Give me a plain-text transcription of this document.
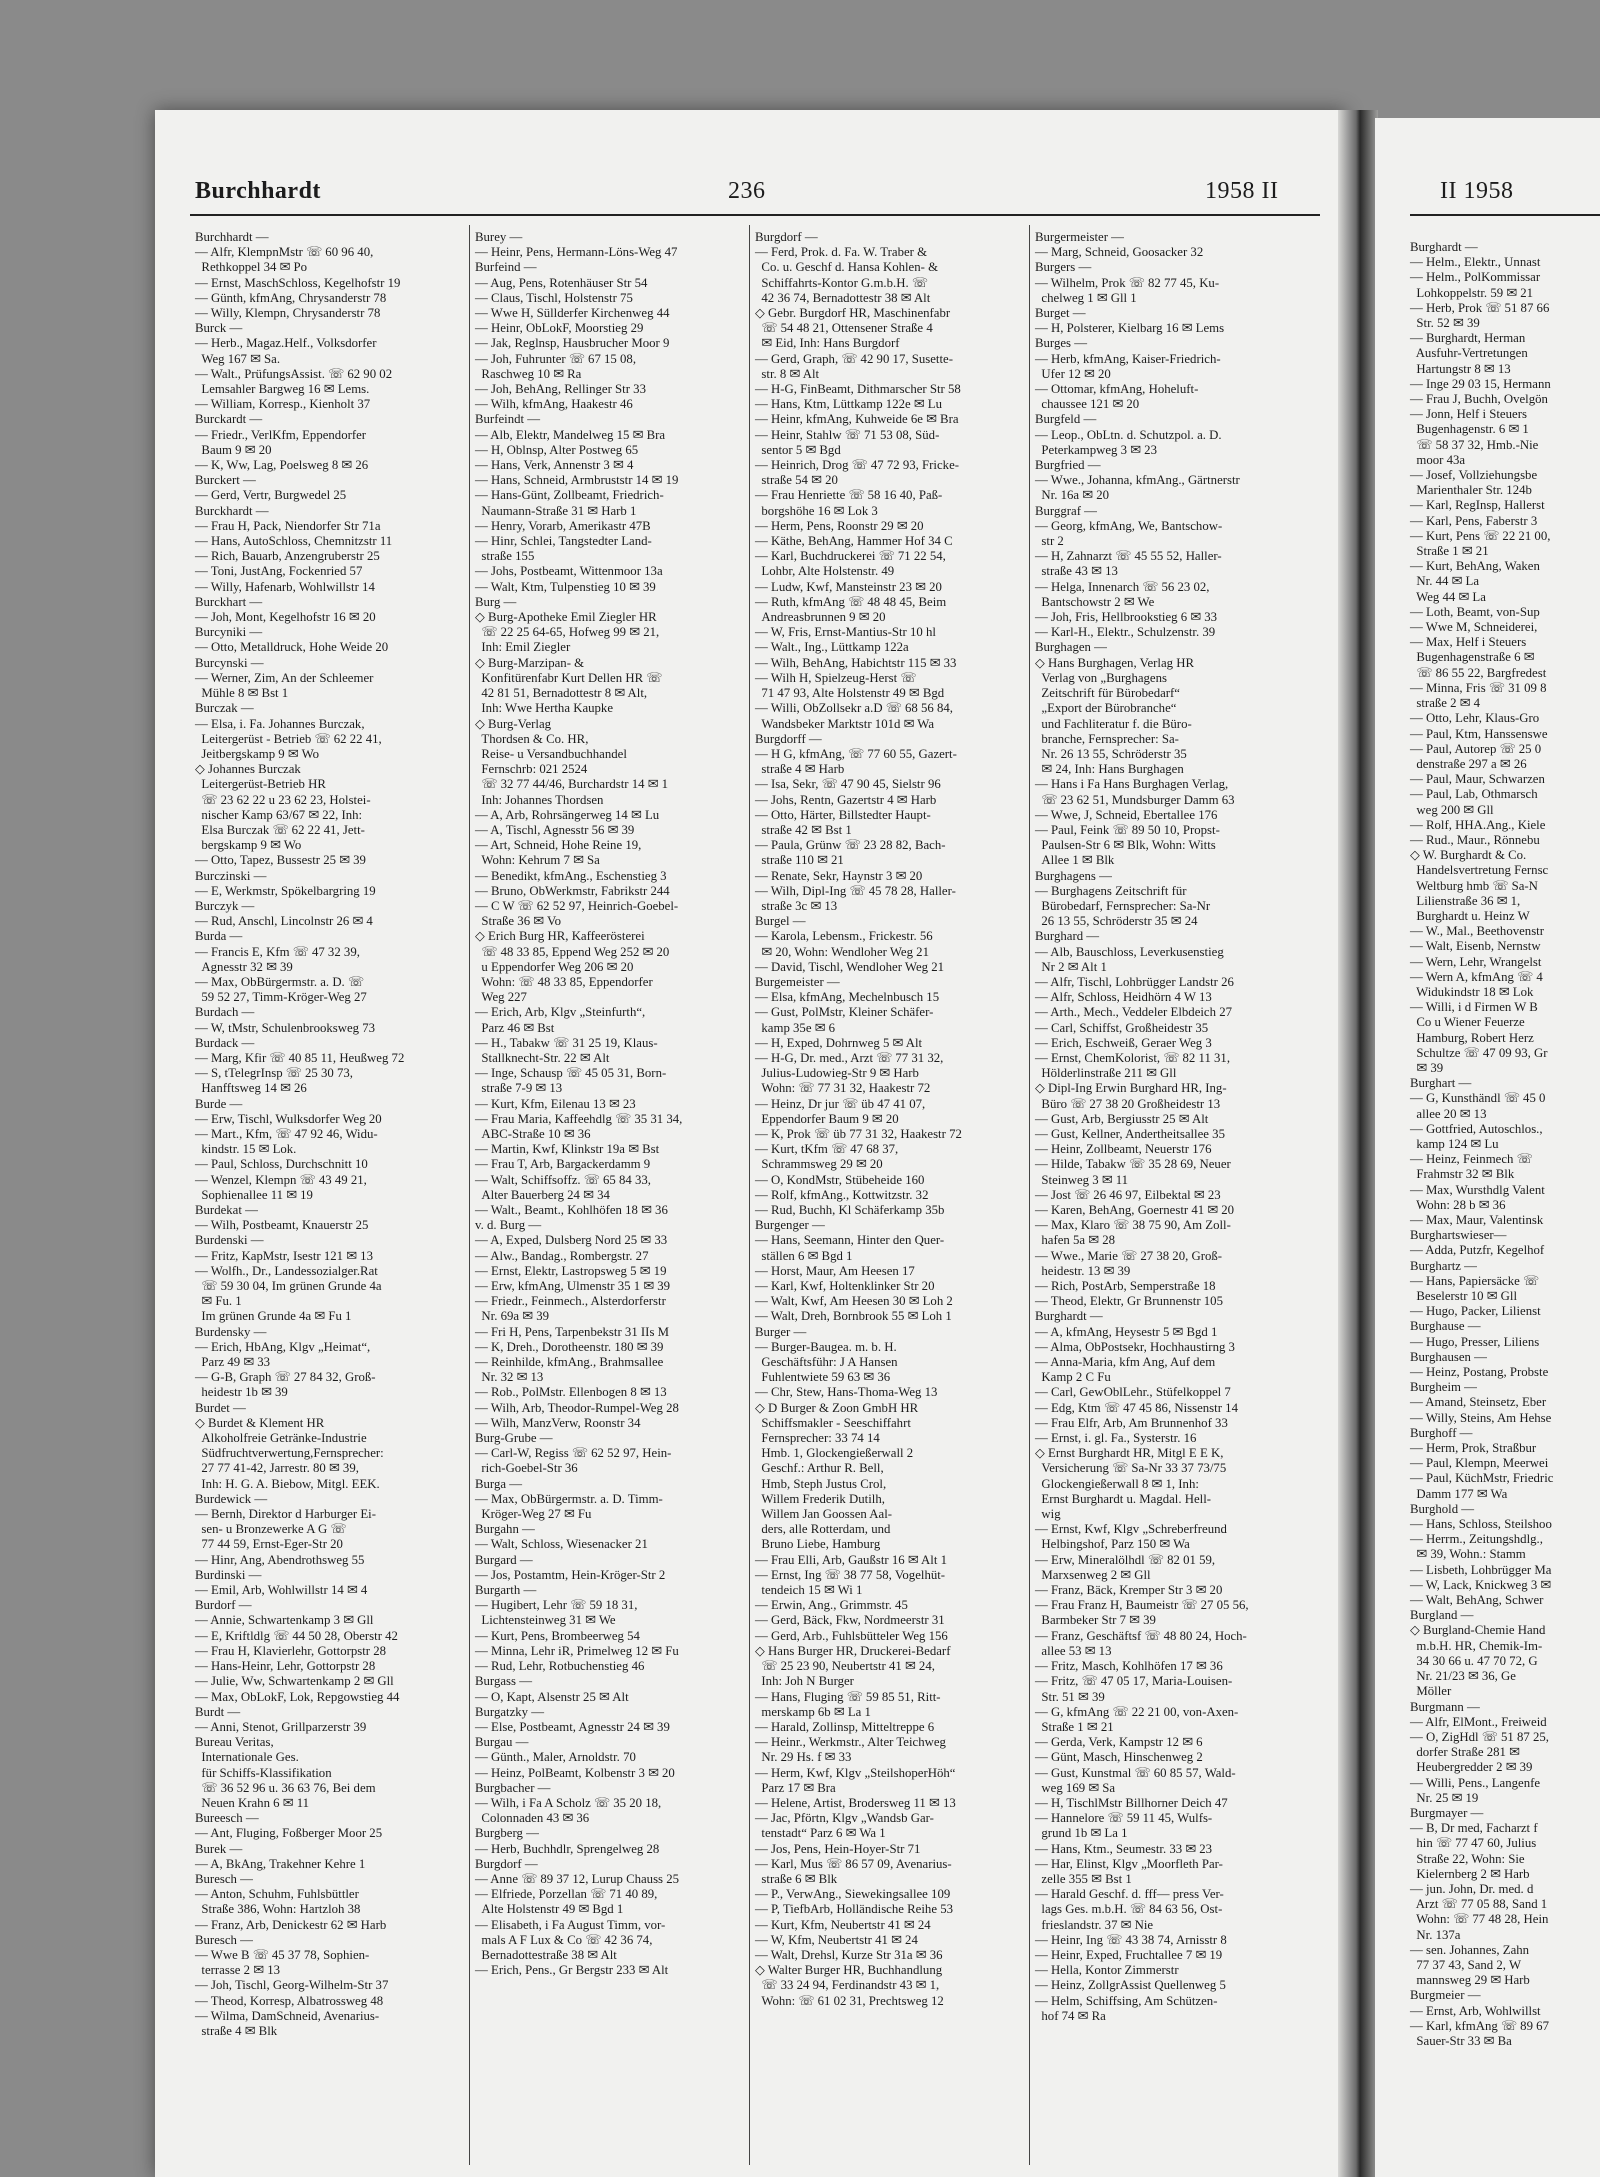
Burchhardt	236	1958 II	II 1958
Burchhardt —
— Alfr, KlempnMstr ☏ 60 96 40,
Rethkoppel 34 ✉ Po
— Ernst, MaschSchloss, Kegelhofstr 19
— Günth, kfmAng, Chrysanderstr 78
— Willy, Klempn, Chrysanderstr 78
Burck —
— Herb., Magaz.Helf., Volksdorfer
Weg 167 ✉ Sa.
— Walt., PrüfungsAssist. ☏ 62 90 02
Lemsahler Bargweg 16 ✉ Lems.
— William, Korresp., Kienholt 37
Burckardt —
— Friedr., VerlKfm, Eppendorfer
Baum 9 ✉ 20
— K, Ww, Lag, Poelsweg 8 ✉ 26
Burckert —
— Gerd, Vertr, Burgwedel 25
Burckhardt —
— Frau H, Pack, Niendorfer Str 71a
— Hans, AutoSchloss, Chemnitzstr 11
— Rich, Bauarb, Anzengruberstr 25
— Toni, JustAng, Fockenried 57
— Willy, Hafenarb, Wohlwillstr 14
Burckhart —
— Joh, Mont, Kegelhofstr 16 ✉ 20
Burcyniki —
— Otto, Metalldruck, Hohe Weide 20
Burcynski —
— Werner, Zim, An der Schleemer
Mühle 8 ✉ Bst 1
Burczak —
— Elsa, i. Fa. Johannes Burczak,
Leitergerüst - Betrieb ☏ 62 22 41,
Jeitbergskamp 9 ✉ Wo
◇ Johannes Burczak
Leitergerüst-Betrieb HR
☏ 23 62 22 u 23 62 23, Holstei-
nischer Kamp 63/67 ✉ 22, Inh:
Elsa Burczak ☏ 62 22 41, Jett-
bergskamp 9 ✉ Wo
— Otto, Tapez, Bussestr 25 ✉ 39
Burczinski —
— E, Werkmstr, Spökelbargring 19
Burczyk —
— Rud, Anschl, Lincolnstr 26 ✉ 4
Burda —
— Francis E, Kfm ☏ 47 32 39,
Agnesstr 32 ✉ 39
— Max, ObBürgermstr. a. D. ☏
59 52 27, Timm-Kröger-Weg 27
Burdach —
— W, tMstr, Schulenbrooksweg 73
Burdack —
— Marg, Kfir ☏ 40 85 11, Heußweg 72
— S, tTelegrInsp ☏ 25 30 73,
Hanfftsweg 14 ✉ 26
Burde —
— Erw, Tischl, Wulksdorfer Weg 20
— Mart., Kfm, ☏ 47 92 46, Widu-
kindstr. 15 ✉ Lok.
— Paul, Schloss, Durchschnitt 10
— Wenzel, Klempn ☏ 43 49 21,
Sophienallee 11 ✉ 19
Burdekat —
— Wilh, Postbeamt, Knauerstr 25
Burdenski —
— Fritz, KapMstr, Isestr 121 ✉ 13
— Wolfh., Dr., Landessozialger.Rat
☏ 59 30 04, Im grünen Grunde 4a
✉ Fu. 1
Im grünen Grunde 4a ✉ Fu 1
Burdensky —
— Erich, HbAng, Klgv „Heimat“,
Parz 49 ✉ 33
— G-B, Graph ☏ 27 84 32, Groß-
heidestr 1b ✉ 39
Burdet —
◇ Burdet & Klement HR
Alkoholfreie Getränke-Industrie
Südfruchtverwertung,Fernsprecher:
27 77 41-42, Jarrestr. 80 ✉ 39,
Inh: H. G. A. Biebow, Mitgl. EEK.
Burdewick —
— Bernh, Direktor d Harburger Ei-
sen- u Bronzewerke A G ☏
77 44 59, Ernst-Eger-Str 20
— Hinr, Ang, Abendrothsweg 55
Burdinski —
— Emil, Arb, Wohlwillstr 14 ✉ 4
Burdorf —
— Annie, Schwartenkamp 3 ✉ Gll
— E, Kriftldlg ☏ 44 50 28, Oberstr 42
— Frau H, Klavierlehr, Gottorpstr 28
— Hans-Heinr, Lehr, Gottorpstr 28
— Julie, Ww, Schwartenkamp 2 ✉ Gll
— Max, ObLokF, Lok, Repgowstieg 44
Burdt —
— Anni, Stenot, Grillparzerstr 39
Bureau Veritas,
Internationale Ges.
für Schiffs-Klassifikation
☏ 36 52 96 u. 36 63 76, Bei dem
Neuen Krahn 6 ✉ 11
Bureesch —
— Ant, Fluging, Foßberger Moor 25
Burek —
— A, BkAng, Trakehner Kehre 1
Buresch —
— Anton, Schuhm, Fuhlsbüttler
Straße 386, Wohn: Hartzloh 38
— Franz, Arb, Denickestr 62 ✉ Harb
Buresch —
— Wwe B ☏ 45 37 78, Sophien-
terrasse 2 ✉ 13
— Joh, Tischl, Georg-Wilhelm-Str 37
— Theod, Korresp, Albatrossweg 48
— Wilma, DamSchneid, Avenarius-
straße 4 ✉ Blk
Burey —
— Heinr, Pens, Hermann-Löns-Weg 47
Burfeind —
— Aug, Pens, Rotenhäuser Str 54
— Claus, Tischl, Holstenstr 75
— Wwe H, Süllderfer Kirchenweg 44
— Heinr, ObLokF, Moorstieg 29
— Jak, Reglnsp, Hausbrucher Moor 9
— Joh, Fuhrunter ☏ 67 15 08,
Raschweg 10 ✉ Ra
— Joh, BehAng, Rellinger Str 33
— Wilh, kfmAng, Haakestr 46
Burfeindt —
— Alb, Elektr, Mandelweg 15 ✉ Bra
— H, Oblnsp, Alter Postweg 65
— Hans, Verk, Annenstr 3 ✉ 4
— Hans, Schneid, Armbruststr 14 ✉ 19
— Hans-Günt, Zollbeamt, Friedrich-
Naumann-Straße 31 ✉ Harb 1
— Henry, Vorarb, Amerikastr 47B
— Hinr, Schlei, Tangstedter Land-
straße 155
— Johs, Postbeamt, Wittenmoor 13a
— Walt, Ktm, Tulpenstieg 10 ✉ 39
Burg —
◇ Burg-Apotheke Emil Ziegler HR
☏ 22 25 64-65, Hofweg 99 ✉ 21,
Inh: Emil Ziegler
◇ Burg-Marzipan- &
Konfitürenfabr Kurt Dellen HR ☏
42 81 51, Bernadottestr 8 ✉ Alt,
Inh: Wwe Hertha Kaupke
◇ Burg-Verlag
Thordsen & Co. HR,
Reise- u Versandbuchhandel
Fernschrb: 021 2524
☏ 32 77 44/46, Burchardstr 14 ✉ 1
Inh: Johannes Thordsen
— A, Arb, Rohrsängerweg 14 ✉ Lu
— A, Tischl, Agnesstr 56 ✉ 39
— Art, Schneid, Hohe Reine 19,
Wohn: Kehrum 7 ✉ Sa
— Benedikt, kfmAng., Eschenstieg 3
— Bruno, ObWerkmstr, Fabrikstr 244
— C W ☏ 62 52 97, Heinrich-Goebel-
Straße 36 ✉ Vo
◇ Erich Burg HR, Kaffeerösterei
☏ 48 33 85, Eppend Weg 252 ✉ 20
u Eppendorfer Weg 206 ✉ 20
Wohn: ☏ 48 33 85, Eppendorfer
Weg 227
— Erich, Arb, Klgv „Steinfurth“,
Parz 46 ✉ Bst
— H., Tabakw ☏ 31 25 19, Klaus-
Stallknecht-Str. 22 ✉ Alt
— Inge, Schausp ☏ 45 05 31, Born-
straße 7-9 ✉ 13
— Kurt, Kfm, Eilenau 13 ✉ 23
— Frau Maria, Kaffeehdlg ☏ 35 31 34,
ABC-Straße 10 ✉ 36
— Martin, Kwf, Klinkstr 19a ✉ Bst
— Frau T, Arb, Bargackerdamm 9
— Walt, Schiffsoffz. ☏ 65 84 33,
Alter Bauerberg 24 ✉ 34
— Walt., Beamt., Kohlhöfen 18 ✉ 36
v. d. Burg —
— A, Exped, Dulsberg Nord 25 ✉ 33
— Alw., Bandag., Rombergstr. 27
— Ernst, Elektr, Lastropsweg 5 ✉ 19
— Erw, kfmAng, Ulmenstr 35 1 ✉ 39
— Friedr., Feinmech., Alsterdorferstr
Nr. 69a ✉ 39
— Fri H, Pens, Tarpenbekstr 31 IIs M
— K, Dreh., Dorotheenstr. 180 ✉ 39
— Reinhilde, kfmAng., Brahmsallee
Nr. 32 ✉ 13
— Rob., PolMstr. Ellenbogen 8 ✉ 13
— Wilh, Arb, Theodor-Rumpel-Weg 28
— Wilh, ManzVerw, Roonstr 34
Burg-Grube —
— Carl-W, Regiss ☏ 62 52 97, Hein-
rich-Goebel-Str 36
Burga —
— Max, ObBürgermstr. a. D. Timm-
Kröger-Weg 27 ✉ Fu
Burgahn —
— Walt, Schloss, Wiesenacker 21
Burgard —
— Jos, Postamtm, Hein-Kröger-Str 2
Burgarth —
— Hugibert, Lehr ☏ 59 18 31,
Lichtensteinweg 31 ✉ We
— Kurt, Pens, Brombeerweg 54
— Minna, Lehr iR, Primelweg 12 ✉ Fu
— Rud, Lehr, Rotbuchenstieg 46
Burgass —
— O, Kapt, Alsenstr 25 ✉ Alt
Burgatzky —
— Else, Postbeamt, Agnesstr 24 ✉ 39
Burgau —
— Günth., Maler, Arnoldstr. 70
— Heinz, PolBeamt, Kolbenstr 3 ✉ 20
Burgbacher —
— Wilh, i Fa A Scholz ☏ 35 20 18,
Colonnaden 43 ✉ 36
Burgberg —
— Herb, Buchhdlr, Sprengelweg 28
Burgdorf —
— Anne ☏ 89 37 12, Lurup Chauss 25
— Elfriede, Porzellan ☏ 71 40 89,
Alte Holstenstr 49 ✉ Bgd 1
— Elisabeth, i Fa August Timm, vor-
mals A F Lux & Co ☏ 42 36 74,
Bernadottestraße 38 ✉ Alt
— Erich, Pens., Gr Bergstr 233 ✉ Alt
Burgdorf —
— Ferd, Prok. d. Fa. W. Traber &
Co. u. Geschf d. Hansa Kohlen- &
Schiffahrts-Kontor G.m.b.H. ☏
42 36 74, Bernadottestr 38 ✉ Alt
◇ Gebr. Burgdorf HR, Maschinenfabr
☏ 54 48 21, Ottensener Straße 4
✉ Eid, Inh: Hans Burgdorf
— Gerd, Graph, ☏ 42 90 17, Susette-
str. 8 ✉ Alt
— H-G, FinBeamt, Dithmarscher Str 58
— Hans, Ktm, Lüttkamp 122e ✉ Lu
— Heinr, kfmAng, Kuhweide 6e ✉ Bra
— Heinr, Stahlw ☏ 71 53 08, Süd-
sentor 5 ✉ Bgd
— Heinrich, Drog ☏ 47 72 93, Fricke-
straße 54 ✉ 20
— Frau Henriette ☏ 58 16 40, Paß-
borgshöhe 16 ✉ Lok 3
— Herm, Pens, Roonstr 29 ✉ 20
— Käthe, BehAng, Hammer Hof 34 C
— Karl, Buchdruckerei ☏ 71 22 54,
Lohbr, Alte Holstenstr. 49
— Ludw, Kwf, Mansteinstr 23 ✉ 20
— Ruth, kfmAng ☏ 48 48 45, Beim
Andreasbrunnen 9 ✉ 20
— W, Fris, Ernst-Mantius-Str 10 hl
— Walt., Ing., Lüttkamp 122a
— Wilh, BehAng, Habichtstr 115 ✉ 33
— Wilh H, Spielzeug-Herst ☏
71 47 93, Alte Holstenstr 49 ✉ Bgd
— Willi, ObZollsekr a.D ☏ 68 56 84,
Wandsbeker Marktstr 101d ✉ Wa
Burgdorff —
— H G, kfmAng, ☏ 77 60 55, Gazert-
straße 4 ✉ Harb
— Isa, Sekr, ☏ 47 90 45, Sielstr 96
— Johs, Rentn, Gazertstr 4 ✉ Harb
— Otto, Härter, Billstedter Haupt-
straße 42 ✉ Bst 1
— Paula, Grünw ☏ 23 28 82, Bach-
straße 110 ✉ 21
— Renate, Sekr, Haynstr 3 ✉ 20
— Wilh, Dipl-Ing ☏ 45 78 28, Haller-
straße 3c ✉ 13
Burgel —
— Karola, Lebensm., Frickestr. 56
✉ 20, Wohn: Wendloher Weg 21
— David, Tischl, Wendloher Weg 21
Burgemeister —
— Elsa, kfmAng, Mechelnbusch 15
— Gust, PolMstr, Kleiner Schäfer-
kamp 35e ✉ 6
— H, Exped, Dohrnweg 5 ✉ Alt
— H-G, Dr. med., Arzt ☏ 77 31 32,
Julius-Ludowieg-Str 9 ✉ Harb
Wohn: ☏ 77 31 32, Haakestr 72
— Heinz, Dr jur ☏ üb 47 41 07,
Eppendorfer Baum 9 ✉ 20
— K, Prok ☏ üb 77 31 32, Haakestr 72
— Kurt, tKfm ☏ 47 68 37,
Schrammsweg 29 ✉ 20
— O, KondMstr, Stübeheide 160
— Rolf, kfmAng., Kottwitzstr. 32
— Rud, Buchh, Kl Schäferkamp 35b
Burgenger —
— Hans, Seemann, Hinter den Quer-
ställen 6 ✉ Bgd 1
— Horst, Maur, Am Heesen 17
— Karl, Kwf, Holtenklinker Str 20
— Walt, Kwf, Am Heesen 30 ✉ Loh 2
— Walt, Dreh, Bornbrook 55 ✉ Loh 1
Burger —
— Burger-Baugea. m. b. H.
Geschäftsführ: J A Hansen
Fuhlentwiete 59 63 ✉ 36
— Chr, Stew, Hans-Thoma-Weg 13
◇ D Burger & Zoon GmbH HR
Schiffsmakler - Seeschiffahrt
Fernsprecher: 33 74 14
Hmb. 1, Glockengießerwall 2
Geschf.: Arthur R. Bell,
Hmb, Steph Justus Crol,
Willem Frederik Dutilh,
Willem Jan Goossen Aal-
ders, alle Rotterdam, und
Bruno Liebe, Hamburg
— Frau Elli, Arb, Gaußstr 16 ✉ Alt 1
— Ernst, Ing ☏ 38 77 58, Vogelhüt-
tendeich 15 ✉ Wi 1
— Erwin, Ang., Grimmstr. 45
— Gerd, Bäck, Fkw, Nordmeerstr 31
— Gerd, Arb., Fuhlsbütteler Weg 156
◇ Hans Burger HR, Druckerei-Bedarf
☏ 25 23 90, Neubertstr 41 ✉ 24,
Inh: Joh N Burger
— Hans, Fluging ☏ 59 85 51, Ritt-
merskamp 6b ✉ La 1
— Harald, Zollinsp, Mitteltreppe 6
— Heinr., Werkmstr., Alter Teichweg
Nr. 29 Hs. f ✉ 33
— Herm, Kwf, Klgv „SteilshoperHöh“
Parz 17 ✉ Bra
— Helene, Artist, Brodersweg 11 ✉ 13
— Jac, Pförtn, Klgv „Wandsb Gar-
tenstadt“ Parz 6 ✉ Wa 1
— Jos, Pens, Hein-Hoyer-Str 71
— Karl, Mus ☏ 86 57 09, Avenarius-
straße 6 ✉ Blk
— P., VerwAng., Siewekingsallee 109
— P, TiefbArb, Holländische Reihe 53
— Kurt, Kfm, Neubertstr 41 ✉ 24
— W, Kfm, Neubertstr 41 ✉ 24
— Walt, Drehsl, Kurze Str 31a ✉ 36
◇ Walter Burger HR, Buchhandlung
☏ 33 24 94, Ferdinandstr 43 ✉ 1,
Wohn: ☏ 61 02 31, Prechtsweg 12
Burgermeister —
— Marg, Schneid, Goosacker 32
Burgers —
— Wilhelm, Prok ☏ 82 77 45, Ku-
chelweg 1 ✉ Gll 1
Burget —
— H, Polsterer, Kielbarg 16 ✉ Lems
Burges —
— Herb, kfmAng, Kaiser-Friedrich-
Ufer 12 ✉ 20
— Ottomar, kfmAng, Hoheluft-
chaussee 121 ✉ 20
Burgfeld —
— Leop., ObLtn. d. Schutzpol. a. D.
Peterkampweg 3 ✉ 23
Burgfried —
— Wwe., Johanna, kfmAng., Gärtnerstr
Nr. 16a ✉ 20
Burggraf —
— Georg, kfmAng, We, Bantschow-
str 2
— H, Zahnarzt ☏ 45 55 52, Haller-
straße 43 ✉ 13
— Helga, Innenarch ☏ 56 23 02,
Bantschowstr 2 ✉ We
— Joh, Fris, Hellbrookstieg 6 ✉ 33
— Karl-H., Elektr., Schulzenstr. 39
Burghagen —
◇ Hans Burghagen, Verlag HR
Verlag von „Burghagens
Zeitschrift für Bürobedarf“
„Export der Bürobranche“
und Fachliteratur f. die Büro-
branche, Fernsprecher: Sa-
Nr. 26 13 55, Schröderstr 35
✉ 24, Inh: Hans Burghagen
— Hans i Fa Hans Burghagen Verlag,
☏ 23 62 51, Mundsburger Damm 63
— Wwe, J, Schneid, Ebertallee 176
— Paul, Feink ☏ 89 50 10, Propst-
Paulsen-Str 6 ✉ Blk, Wohn: Witts
Allee 1 ✉ Blk
Burghagens —
— Burghagens Zeitschrift für
Bürobedarf, Fernsprecher: Sa-Nr
26 13 55, Schröderstr 35 ✉ 24
Burghard —
— Alb, Bauschloss, Leverkusenstieg
Nr 2 ✉ Alt 1
— Alfr, Tischl, Lohbrügger Landstr 26
— Alfr, Schloss, Heidhörn 4 W 13
— Arth., Mech., Veddeler Elbdeich 27
— Carl, Schiffst, Großheidestr 35
— Erich, Eschweiß, Geraer Weg 3
— Ernst, ChemKolorist, ☏ 82 11 31,
Hölderlinstraße 211 ✉ Gll
◇ Dipl-Ing Erwin Burghard HR, Ing-
Büro ☏ 27 38 20 Großheidestr 13
— Gust, Arb, Bergiusstr 25 ✉ Alt
— Gust, Kellner, Andertheitsallee 35
— Heinr, Zollbeamt, Neuerstr 176
— Hilde, Tabakw ☏ 35 28 69, Neuer
Steinweg 3 ✉ 11
— Jost ☏ 26 46 97, Eilbektal ✉ 23
— Karen, BehAng, Goernestr 41 ✉ 20
— Max, Klaro ☏ 38 75 90, Am Zoll-
hafen 5a ✉ 28
— Wwe., Marie ☏ 27 38 20, Groß-
heidestr. 13 ✉ 39
— Rich, PostArb, Semperstraße 18
— Theod, Elektr, Gr Brunnenstr 105
Burghardt —
— A, kfmAng, Heysestr 5 ✉ Bgd 1
— Alma, ObPostsekr, Hochhaustirng 3
— Anna-Maria, kfm Ang, Auf dem
Kamp 2 C Fu
— Carl, GewOblLehr., Stüfelkoppel 7
— Edg, Ktm ☏ 47 45 86, Nissenstr 14
— Frau Elfr, Arb, Am Brunnenhof 33
— Ernst, i. gl. Fa., Systerstr. 16
◇ Ernst Burghardt HR, Mitgl E E K,
Versicherung ☏ Sa-Nr 33 37 73/75
Glockengießerwall 8 ✉ 1, Inh:
Ernst Burghardt u. Magdal. Hell-
wig
— Ernst, Kwf, Klgv „Schreberfreund
Helbingshof, Parz 150 ✉ Wa
— Erw, Mineralölhdl ☏ 82 01 59,
Marxsenweg 2 ✉ Gll
— Franz, Bäck, Kremper Str 3 ✉ 20
— Frau Franz H, Baumeistr ☏ 27 05 56,
Barmbeker Str 7 ✉ 39
— Franz, Geschäftsf ☏ 48 80 24, Hoch-
allee 53 ✉ 13
— Fritz, Masch, Kohlhöfen 17 ✉ 36
— Fritz, ☏ 47 05 17, Maria-Louisen-
Str. 51 ✉ 39
— G, kfmAng ☏ 22 21 00, von-Axen-
Straße 1 ✉ 21
— Gerda, Verk, Kampstr 12 ✉ 6
— Günt, Masch, Hinschenweg 2
— Gust, Kunstmal ☏ 60 85 57, Wald-
weg 169 ✉ Sa
— H, TischlMstr Billhorner Deich 47
— Hannelore ☏ 59 11 45, Wulfs-
grund 1b ✉ La 1
— Hans, Ktm., Seumestr. 33 ✉ 23
— Har, Elinst, Klgv „Moorfleth Par-
zelle 355 ✉ Bst 1
— Harald Geschf. d. fff— press Ver-
lags Ges. m.b.H. ☏ 84 63 56, Ost-
frieslandstr. 37 ✉ Nie
— Heinr, Ing ☏ 43 38 74, Arnisstr 8
— Heinr, Exped, Fruchtallee 7 ✉ 19
— Hella, Kontor Zimmerstr
— Heinz, ZollgrAssist Quellenweg 5
— Helm, Schiffsing, Am Schützen-
hof 74 ✉ Ra
Burghardt —
— Helm., Elektr., Unnast
— Helm., PolKommissar
Lohkoppelstr. 59 ✉ 21
— Herb, Prok ☏ 51 87 66
Str. 52 ✉ 39
— Burghardt, Herman
Ausfuhr-Vertretungen
Hartungstr 8 ✉ 13
— Inge 29 03 15, Hermann
— Frau J, Buchh, Ovelgön
— Jonn, Helf i Steuers
Bugenhagenstr. 6 ✉ 1
☏ 58 37 32, Hmb.-Nie
moor 43a
— Josef, Vollziehungsbe
Marienthaler Str. 124b
— Karl, RegInsp, Hallerst
— Karl, Pens, Faberstr 3
— Kurt, Pens ☏ 22 21 00,
Straße 1 ✉ 21
— Kurt, BehAng, Waken
Nr. 44 ✉ La
Weg 44 ✉ La
— Loth, Beamt, von-Sup
— Wwe M, Schneiderei,
— Max, Helf i Steuers
Bugenhagenstraße 6 ✉
☏ 86 55 22, Bargfredest
— Minna, Fris ☏ 31 09 8
straße 2 ✉ 4
— Otto, Lehr, Klaus-Gro
— Paul, Ktm, Hanssenswe
— Paul, Autorep ☏ 25 0
denstraße 297 a ✉ 26
— Paul, Maur, Schwarzen
— Paul, Lab, Othmarsch
weg 200 ✉ Gll
— Rolf, HHA.Ang., Kiele
— Rud., Maur., Rönnebu
◇ W. Burghardt & Co.
Handelsvertretung Fernsc
Weltburg hmb ☏ Sa-N
Lilienstraße 36 ✉ 1,
Burghardt u. Heinz W
— W., Mal., Beethovenstr
— Walt, Eisenb, Nernstw
— Wern, Lehr, Wrangelst
— Wern A, kfmAng ☏ 4
Widukindstr 18 ✉ Lok
— Willi, i d Firmen W B
Co u Wiener Feuerze
Hamburg, Robert Herz
Schultze ☏ 47 09 93, Gr
✉ 39
Burghart —
— G, Kunsthändl ☏ 45 0
allee 20 ✉ 13
— Gottfried, Autoschlos.,
kamp 124 ✉ Lu
— Heinz, Feinmech ☏
Frahmstr 32 ✉ Blk
— Max, Wursthdlg Valent
Wohn: 28 b ✉ 36
— Max, Maur, Valentinsk
Burghartswieser—
— Adda, Putzfr, Kegelhof
Burghartz —
— Hans, Papiersäcke ☏
Beselerstr 10 ✉ Gll
— Hugo, Packer, Lilienst
Burghause —
— Hugo, Presser, Liliens
Burghausen —
— Heinz, Postang, Probste
Burgheim —
— Amand, Steinsetz, Eber
— Willy, Steins, Am Hehse
Burghoff —
— Herm, Prok, Straßbur
— Paul, Klempn, Meerwei
— Paul, KüchMstr, Friedric
Damm 177 ✉ Wa
Burghold —
— Hans, Schloss, Steilshoo
— Herrm., Zeitungshdlg.,
✉ 39, Wohn.: Stamm
— Lisbeth, Lohbrügger Ma
— W, Lack, Knickweg 3 ✉
— Walt, BehAng, Schwer
Burgland —
◇ Burgland-Chemie Hand
m.b.H. HR, Chemik-Im-
34 30 66 u. 47 70 72, G
Nr. 21/23 ✉ 36, Ge
Möller
Burgmann —
— Alfr, ElMont., Freiweid
— O, ZigHdl ☏ 51 87 25,
dorfer Straße 281 ✉
Heubergredder 2 ✉ 39
— Willi, Pens., Langenfe
Nr. 25 ✉ 19
Burgmayer —
— B, Dr med, Facharzt f
hin ☏ 77 47 60, Julius
Straße 22, Wohn: Sie
Kielernberg 2 ✉ Harb
— jun. John, Dr. med. d
Arzt ☏ 77 05 88, Sand 1
Wohn: ☏ 77 48 28, Hein
Nr. 137a
— sen. Johannes, Zahn
77 37 43, Sand 2, W
mannsweg 29 ✉ Harb
Burgmeier —
— Ernst, Arb, Wohlwillst
— Karl, kfmAng ☏ 89 67
Sauer-Str 33 ✉ Ba
